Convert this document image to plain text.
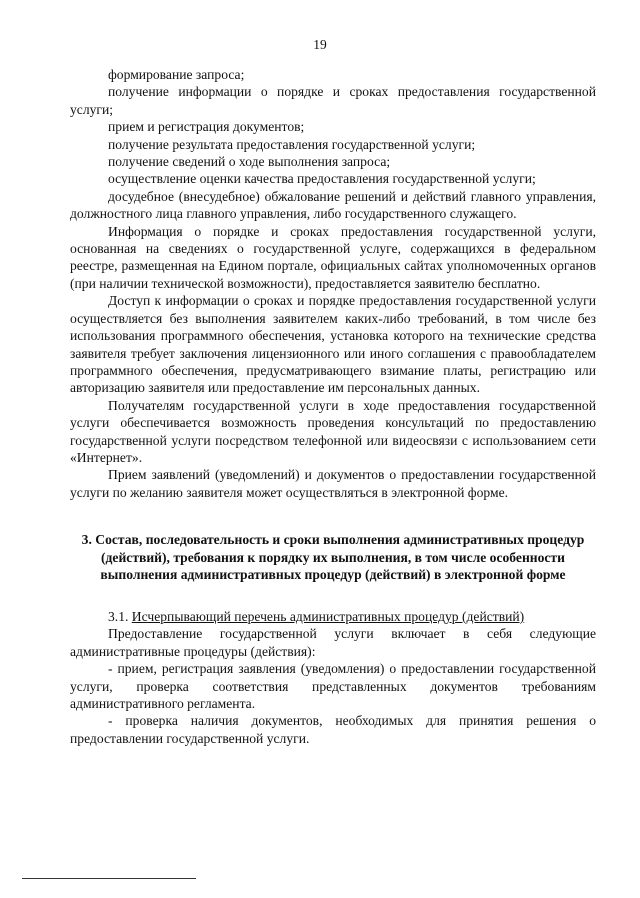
19

формирование запроса;

получение информации о порядке и сроках предоставления государственной услуги;

прием и регистрация документов;

получение результата предоставления государственной услуги;

получение сведений о ходе выполнения запроса;

осуществление оценки качества предоставления государственной услуги;

досудебное (внесудебное) обжалование решений и действий главного управления, должностного лица главного управления, либо государственного служащего.

Информация о порядке и сроках предоставления государственной услуги, основанная на сведениях о государственной услуге, содержащихся в федеральном реестре, размещенная на Едином портале, официальных сайтах уполномоченных органов (при наличии технической возможности), предоставляется заявителю бесплатно.

Доступ к информации о сроках и порядке предоставления государственной услуги осуществляется без выполнения заявителем каких-либо требований, в том числе без использования программного обеспечения, установка которого на технические средства заявителя требует заключения лицензионного или иного соглашения с правообладателем программного обеспечения, предусматривающего взимание платы, регистрацию или авторизацию заявителя или предоставление им персональных данных.

Получателям государственной услуги в ходе предоставления государственной услуги обеспечивается возможность проведения консультаций по предоставлению государственной услуги посредством телефонной или видеосвязи с использованием сети «Интернет».

Прием заявлений (уведомлений) и документов о предоставлении государственной услуги по желанию заявителя может осуществляться в электронной форме.

3. Состав, последовательность и сроки выполнения административных процедур (действий), требования к порядку их выполнения, в том числе особенности выполнения административных процедур (действий) в электронной форме

3.1. Исчерпывающий перечень административных процедур (действий)

Предоставление государственной услуги включает в себя следующие административные процедуры (действия):

- прием, регистрация заявления (уведомления) о предоставлении государственной услуги, проверка соответствия представленных документов требованиям административного регламента.

- проверка наличия документов, необходимых для принятия решения о предоставлении государственной услуги.
